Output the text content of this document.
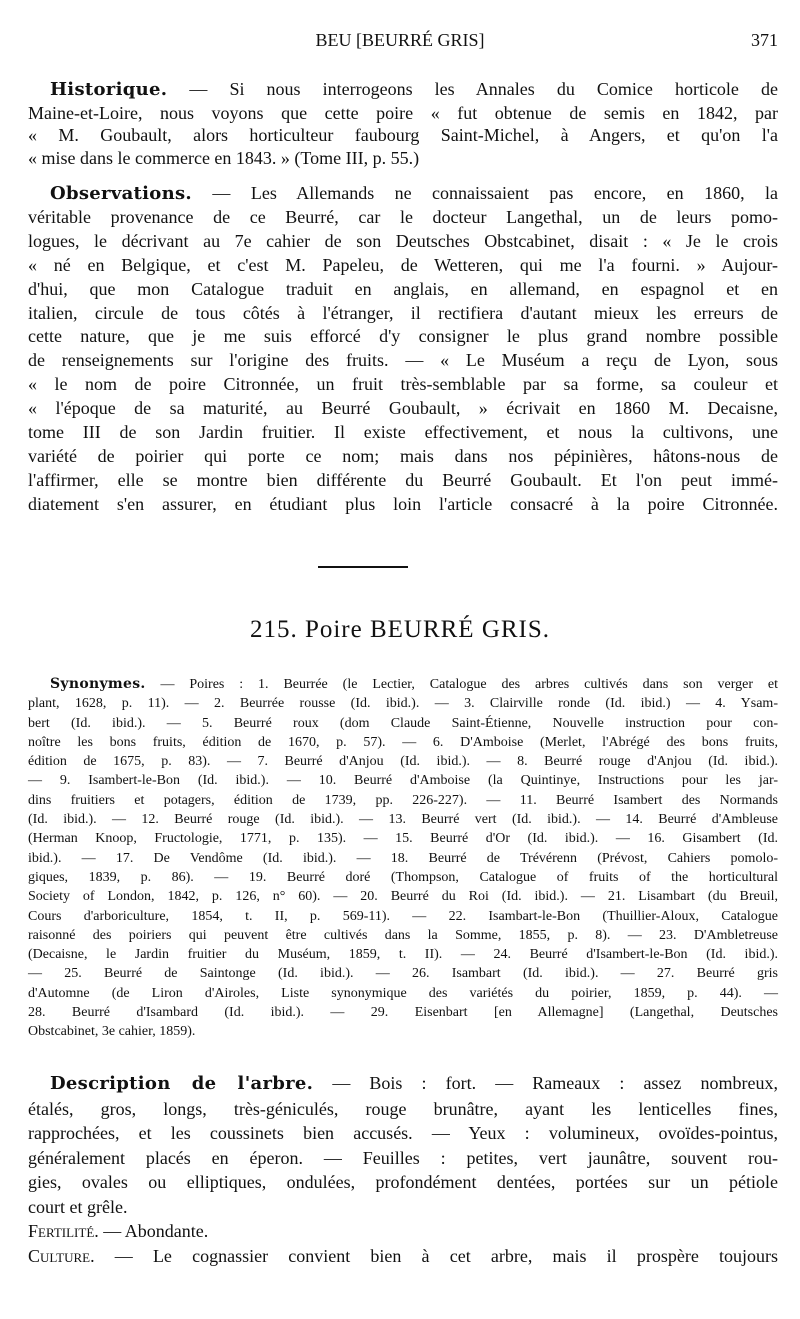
BEU [BEURRÉ GRIS]	371
Historique. — Si nous interrogeons les Annales du Comice horticole de
Maine-et-Loire, nous voyons que cette poire « fut obtenue de semis en 1842, par
« M. Goubault, alors horticulteur faubourg Saint-Michel, à Angers, et qu'on l'a
« mise dans le commerce en 1843. » (Tome III, p. 55.)
Observations. — Les Allemands ne connaissaient pas encore, en 1860, la
véritable provenance de ce Beurré, car le docteur Langethal, un de leurs pomo-
logues, le décrivant au 7e cahier de son Deutsches Obstcabinet, disait : « Je le crois
« né en Belgique, et c'est M. Papeleu, de Wetteren, qui me l'a fourni. » Aujour-
d'hui, que mon Catalogue traduit en anglais, en allemand, en espagnol et en
italien, circule de tous côtés à l'étranger, il rectifiera d'autant mieux les erreurs de
cette nature, que je me suis efforcé d'y consigner le plus grand nombre possible
de renseignements sur l'origine des fruits. — « Le Muséum a reçu de Lyon, sous
« le nom de poire Citronnée, un fruit très-semblable par sa forme, sa couleur et
« l'époque de sa maturité, au Beurré Goubault, » écrivait en 1860 M. Decaisne,
tome III de son Jardin fruitier. Il existe effectivement, et nous la cultivons, une
variété de poirier qui porte ce nom; mais dans nos pépinières, hâtons-nous de
l'affirmer, elle se montre bien différente du Beurré Goubault. Et l'on peut immé-
diatement s'en assurer, en étudiant plus loin l'article consacré à la poire Citronnée.
215. Poire BEURRÉ GRIS.
Synonymes. — Poires : 1. Beurrée (le Lectier, Catalogue des arbres cultivés dans son verger et
plant, 1628, p. 11). — 2. Beurrée rousse (Id. ibid.). — 3. Clairville ronde (Id. ibid.) — 4. Ysam-
bert (Id. ibid.). — 5. Beurré roux (dom Claude Saint-Étienne, Nouvelle instruction pour con-
noître les bons fruits, édition de 1670, p. 57). — 6. D'Amboise (Merlet, l'Abrégé des bons fruits,
édition de 1675, p. 83). — 7. Beurré d'Anjou (Id. ibid.). — 8. Beurré rouge d'Anjou (Id. ibid.).
— 9. Isambert-le-Bon (Id. ibid.). — 10. Beurré d'Amboise (la Quintinye, Instructions pour les jar-
dins fruitiers et potagers, édition de 1739, pp. 226-227). — 11. Beurré Isambert des Normands
(Id. ibid.). — 12. Beurré rouge (Id. ibid.). — 13. Beurré vert (Id. ibid.). — 14. Beurré d'Ambleuse
(Herman Knoop, Fructologie, 1771, p. 135). — 15. Beurré d'Or (Id. ibid.). — 16. Gisambert (Id.
ibid.). — 17. De Vendôme (Id. ibid.). — 18. Beurré de Trévérenn (Prévost, Cahiers pomolo-
giques, 1839, p. 86). — 19. Beurré doré (Thompson, Catalogue of fruits of the horticultural
Society of London, 1842, p. 126, n° 60). — 20. Beurré du Roi (Id. ibid.). — 21. Lisambart (du Breuil,
Cours d'arboriculture, 1854, t. II, p. 569-11). — 22. Isambart-le-Bon (Thuillier-Aloux, Catalogue
raisonné des poiriers qui peuvent être cultivés dans la Somme, 1855, p. 8). — 23. D'Ambletreuse
(Decaisne, le Jardin fruitier du Muséum, 1859, t. II). — 24. Beurré d'Isambert-le-Bon (Id. ibid.).
— 25. Beurré de Saintonge (Id. ibid.). — 26. Isambart (Id. ibid.). — 27. Beurré gris
d'Automne (de Liron d'Airoles, Liste synonymique des variétés du poirier, 1859, p. 44). —
28. Beurré d'Isambard (Id. ibid.). — 29. Eisenbart [en Allemagne] (Langethal, Deutsches
Obstcabinet, 3e cahier, 1859).
Description de l'arbre. — Bois : fort. — Rameaux : assez nombreux,
étalés, gros, longs, très-géniculés, rouge brunâtre, ayant les lenticelles fines,
rapprochées, et les coussinets bien accusés. — Yeux : volumineux, ovoïdes-pointus,
généralement placés en éperon. — Feuilles : petites, vert jaunâtre, souvent rou-
gies, ovales ou elliptiques, ondulées, profondément dentées, portées sur un pétiole
court et grêle.
Fertilité. — Abondante.
Culture. — Le cognassier convient bien à cet arbre, mais il prospère toujours
